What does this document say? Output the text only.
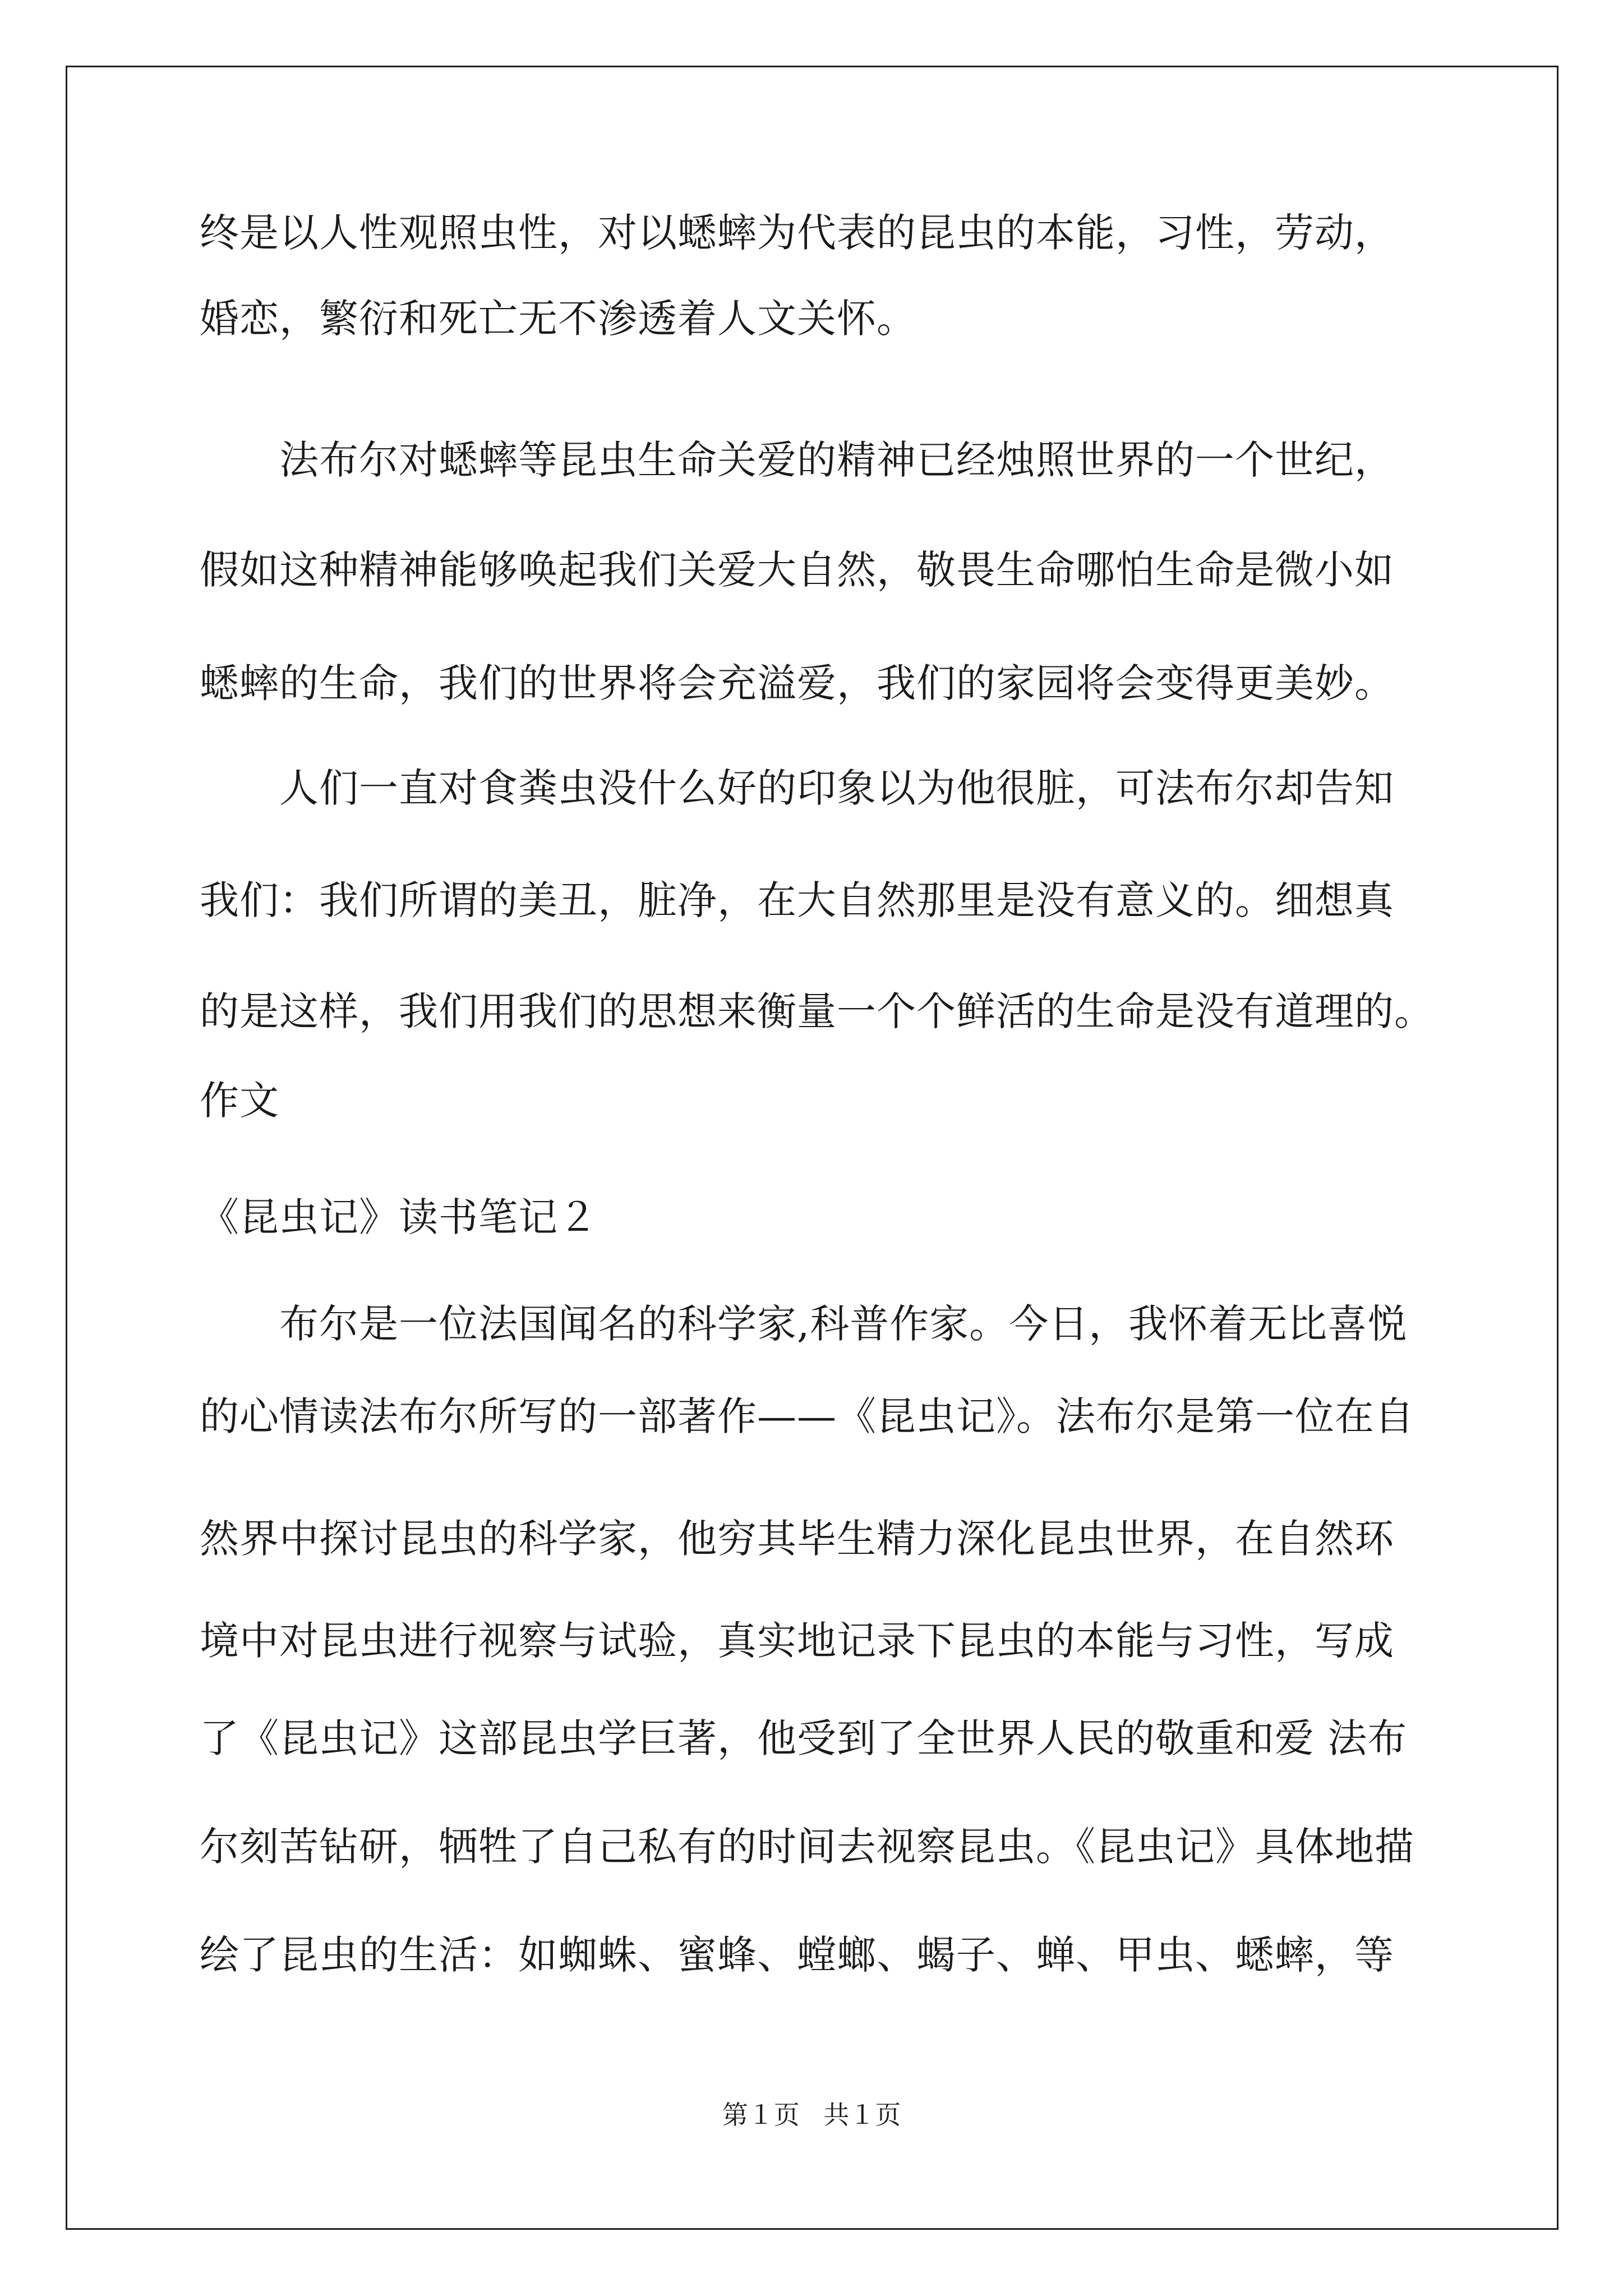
终是以人性观照虫性，对以蟋蟀为代表的昆虫的本能，习性，劳动，
婚恋，繁衍和死亡无不渗透着人文关怀。
　　法布尔对蟋蟀等昆虫生命关爱的精神已经烛照世界的一个世纪，
假如这种精神能够唤起我们关爱大自然，敬畏生命哪怕生命是微小如
蟋蟀的生命，我们的世界将会充溢爱，我们的家园将会变得更美妙。
　　人们一直对食粪虫没什么好的印象以为他很脏，可法布尔却告知
我们：我们所谓的美丑，脏净，在大自然那里是没有意义的。细想真
的是这样，我们用我们的思想来衡量一个个鲜活的生命是没有道理的。
作文
《昆虫记》读书笔记２
　　布尔是一位法国闻名的科学家,科普作家。今日，我怀着无比喜悦
的心情读法布尔所写的一部著作——《昆虫记》。法布尔是第一位在自
然界中探讨昆虫的科学家，他穷其毕生精力深化昆虫世界，在自然环
境中对昆虫进行视察与试验，真实地记录下昆虫的本能与习性，写成
了《昆虫记》这部昆虫学巨著，他受到了全世界人民的敬重和爱 法布
尔刻苦钻研，牺牲了自己私有的时间去视察昆虫。《昆虫记》具体地描
绘了昆虫的生活：如蜘蛛、蜜蜂、螳螂、蝎子、蝉、甲虫、蟋蟀，等
第１页 共１页
